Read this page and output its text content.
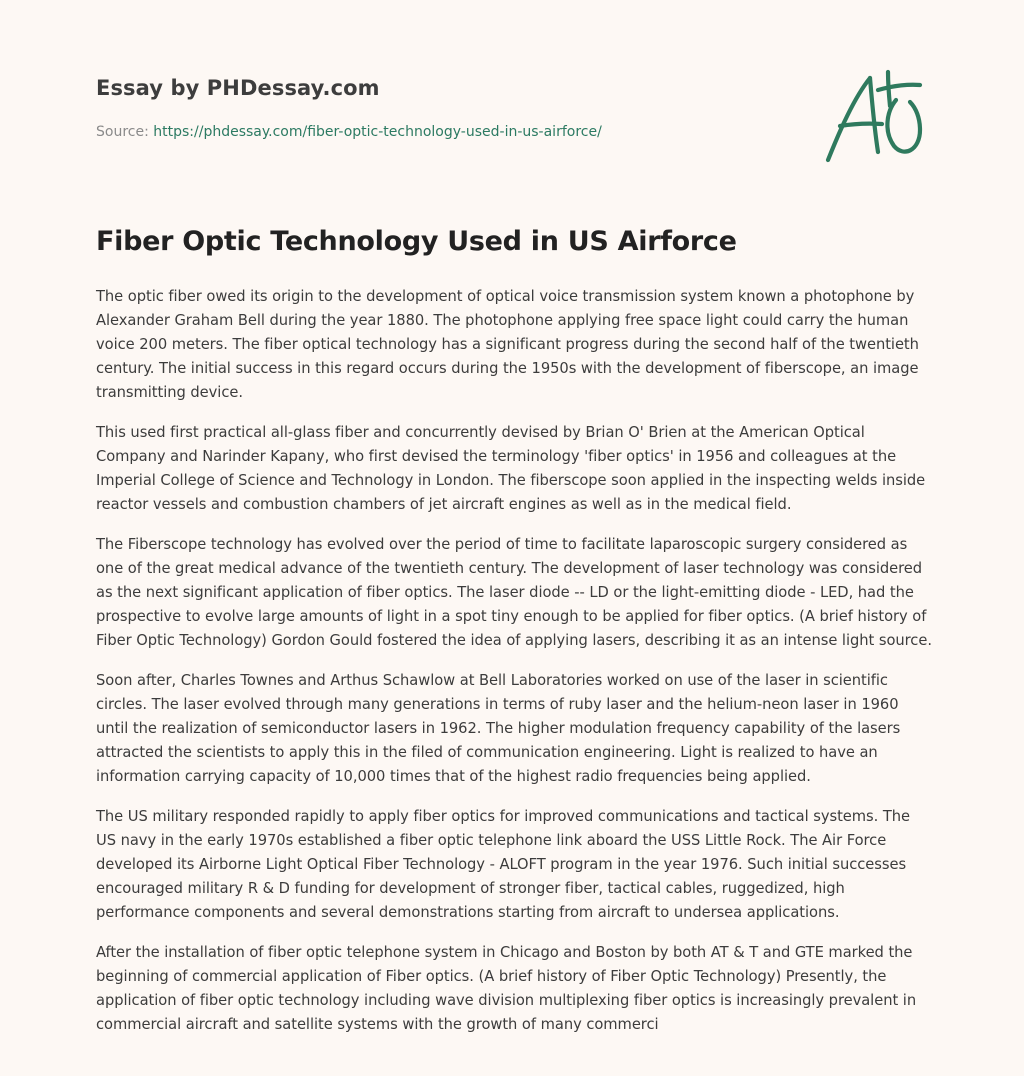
Essay by PHDessay.com

Source: https://phdessay.com/fiber-optic-technology-used-in-us-airforce/
Fiber Optic Technology Used in US Airforce

The optic fiber owed its origin to the development of optical voice transmission system known a photophone by Alexander Graham Bell during the year 1880. The photophone applying free space light could carry the human voice 200 meters. The fiber optical technology has a significant progress during the second half of the twentieth century. The initial success in this regard occurs during the 1950s with the development of fiberscope, an image transmitting device.

This used first practical all-glass fiber and concurrently devised by Brian O' Brien at the American Optical Company and Narinder Kapany, who first devised the terminology 'fiber optics' in 1956 and colleagues at the Imperial College of Science and Technology in London. The fiberscope soon applied in the inspecting welds inside reactor vessels and combustion chambers of jet aircraft engines as well as in the medical field.

The Fiberscope technology has evolved over the period of time to facilitate laparoscopic surgery considered as one of the great medical advance of the twentieth century. The development of laser technology was considered as the next significant application of fiber optics. The laser diode -- LD or the light-emitting diode - LED, had the prospective to evolve large amounts of light in a spot tiny enough to be applied for fiber optics. (A brief history of Fiber Optic Technology) Gordon Gould fostered the idea of applying lasers, describing it as an intense light source.

Soon after, Charles Townes and Arthus Schawlow at Bell Laboratories worked on use of the laser in scientific circles. The laser evolved through many generations in terms of ruby laser and the helium-neon laser in 1960 until the realization of semiconductor lasers in 1962. The higher modulation frequency capability of the lasers attracted the scientists to apply this in the filed of communication engineering. Light is realized to have an information carrying capacity of 10,000 times that of the highest radio frequencies being applied.

The US military responded rapidly to apply fiber optics for improved communications and tactical systems. The US navy in the early 1970s established a fiber optic telephone link aboard the USS Little Rock. The Air Force developed its Airborne Light Optical Fiber Technology - ALOFT program in the year 1976. Such initial successes encouraged military R & D funding for development of stronger fiber, tactical cables, ruggedized, high performance components and several demonstrations starting from aircraft to undersea applications.

After the installation of fiber optic telephone system in Chicago and Boston by both AT & T and GTE marked the beginning of commercial application of Fiber optics. (A brief history of Fiber Optic Technology) Presently, the application of fiber optic technology including wave division multiplexing fiber optics is increasingly prevalent in commercial aircraft and satellite systems with the growth of many commerci
